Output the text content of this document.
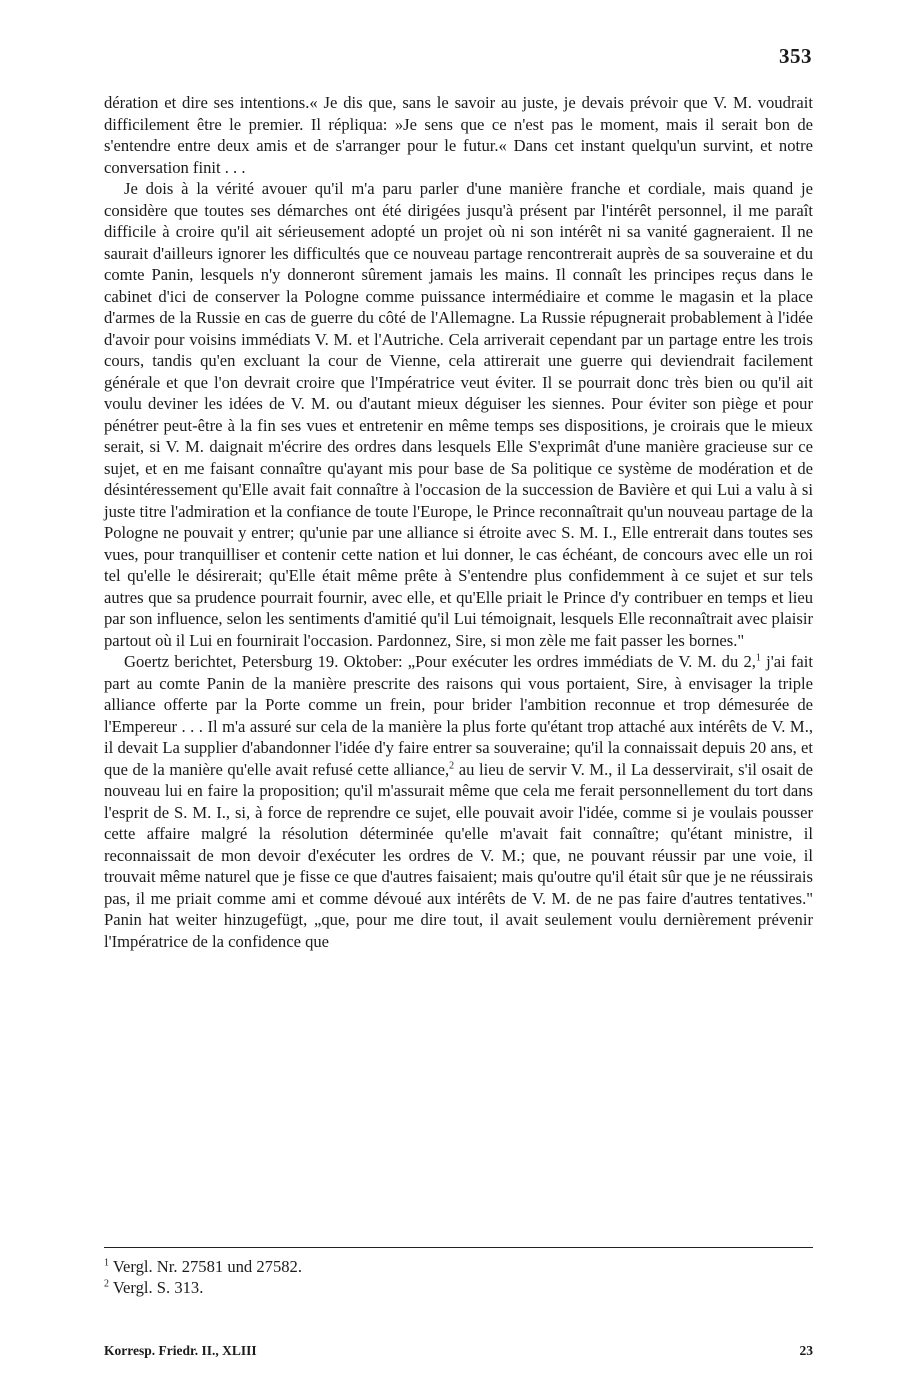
353

dération et dire ses intentions.« Je dis que, sans le savoir au juste, je devais prévoir que V. M. voudrait difficilement être le premier. Il répliqua: »Je sens que ce n'est pas le moment, mais il serait bon de s'entendre entre deux amis et de s'arranger pour le futur.« Dans cet instant quelqu'un survint, et notre conversation finit . . .

Je dois à la vérité avouer qu'il m'a paru parler d'une manière franche et cordiale, mais quand je considère que toutes ses démarches ont été dirigées jusqu'à présent par l'intérêt personnel, il me paraît difficile à croire qu'il ait sérieusement adopté un projet où ni son intérêt ni sa vanité gagneraient. Il ne saurait d'ailleurs ignorer les difficultés que ce nouveau partage rencontrerait auprès de sa souveraine et du comte Panin, lesquels n'y donneront sûrement jamais les mains. Il connaît les principes reçus dans le cabinet d'ici de conserver la Pologne comme puissance intermédiaire et comme le magasin et la place d'armes de la Russie en cas de guerre du côté de l'Allemagne. La Russie répugnerait probablement à l'idée d'avoir pour voisins immédiats V. M. et l'Autriche. Cela arriverait cependant par un partage entre les trois cours, tandis qu'en excluant la cour de Vienne, cela attirerait une guerre qui deviendrait facilement générale et que l'on devrait croire que l'Impératrice veut éviter. Il se pourrait donc très bien ou qu'il ait voulu deviner les idées de V. M. ou d'autant mieux déguiser les siennes. Pour éviter son piège et pour pénétrer peut-être à la fin ses vues et entretenir en même temps ses dispositions, je croirais que le mieux serait, si V. M. daignait m'écrire des ordres dans lesquels Elle S'exprimât d'une manière gracieuse sur ce sujet, et en me faisant connaître qu'ayant mis pour base de Sa politique ce système de modération et de désintéressement qu'Elle avait fait connaître à l'occasion de la succession de Bavière et qui Lui a valu à si juste titre l'admiration et la confiance de toute l'Europe, le Prince reconnaîtrait qu'un nouveau partage de la Pologne ne pouvait y entrer; qu'unie par une alliance si étroite avec S. M. I., Elle entrerait dans toutes ses vues, pour tranquilliser et contenir cette nation et lui donner, le cas échéant, de concours avec elle un roi tel qu'elle le désirerait; qu'Elle était même prête à S'entendre plus confidemment à ce sujet et sur tels autres que sa prudence pourrait fournir, avec elle, et qu'Elle priait le Prince d'y contribuer en temps et lieu par son influence, selon les sentiments d'amitié qu'il Lui témoignait, lesquels Elle reconnaîtrait avec plaisir partout où il Lui en fournirait l'occasion. Pardonnez, Sire, si mon zèle me fait passer les bornes."

Goertz berichtet, Petersburg 19. Oktober: „Pour exécuter les ordres immédiats de V. M. du 2,$^1$ j'ai fait part au comte Panin de la manière prescrite des raisons qui vous portaient, Sire, à envisager la triple alliance offerte par la Porte comme un frein, pour brider l'ambition reconnue et trop démesurée de l'Empereur . . . Il m'a assuré sur cela de la manière la plus forte qu'étant trop attaché aux intérêts de V. M., il devait La supplier d'abandonner l'idée d'y faire entrer sa souveraine; qu'il la connaissait depuis 20 ans, et que de la manière qu'elle avait refusé cette alliance,$^2$ au lieu de servir V. M., il La desservirait, s'il osait de nouveau lui en faire la proposition; qu'il m'assurait même que cela me ferait personnellement du tort dans l'esprit de S. M. I., si, à force de reprendre ce sujet, elle pouvait avoir l'idée, comme si je voulais pousser cette affaire malgré la résolution déterminée qu'elle m'avait fait connaître; qu'étant ministre, il reconnaissait de mon devoir d'exécuter les ordres de V. M.; que, ne pouvant réussir par une voie, il trouvait même naturel que je fisse ce que d'autres faisaient; mais qu'outre qu'il était sûr que je ne réussirais pas, il me priait comme ami et comme dévoué aux intérêts de V. M. de ne pas faire d'autres tentatives." Panin hat weiter hinzugefügt, „que, pour me dire tout, il avait seulement voulu dernièrement prévenir l'Impératrice de la confidence que

$^1$ Vergl. Nr. 27581 und 27582.
$^2$ Vergl. S. 313.
Korresp. Friedr. II., XLIII	23
